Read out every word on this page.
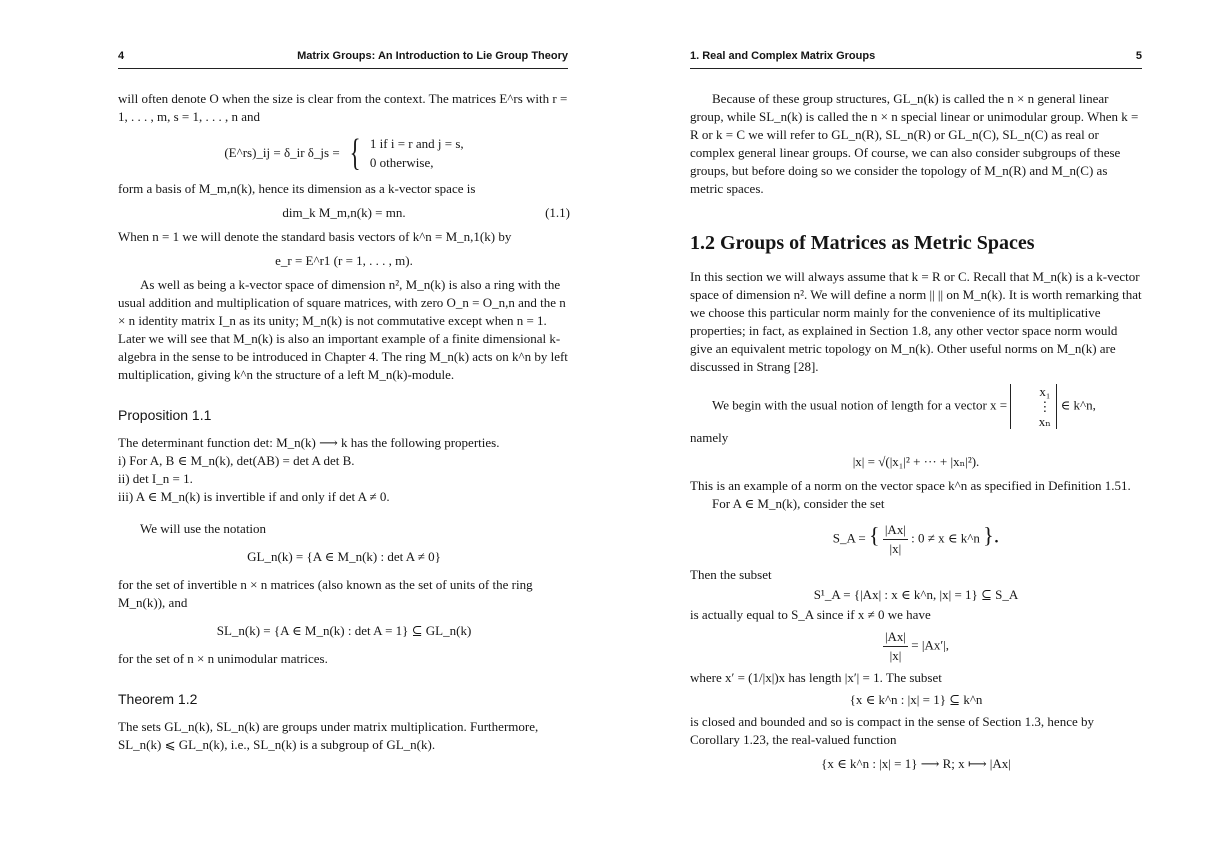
4	Matrix Groups: An Introduction to Lie Group Theory

will often denote O when the size is clear from the context. The matrices E^rs with r = 1, . . . , m, s = 1, . . . , n and

(E^rs)_ij = δ_ir δ_js = { 1 if i = r and j = s,
0 otherwise,

form a basis of M_m,n(k), hence its dimension as a k-vector space is

dim_k M_m,n(k) = mn.	(1.1)

When n = 1 we will denote the standard basis vectors of k^n = M_n,1(k) by

e_r = E^r1 (r = 1, . . . , m).

As well as being a k-vector space of dimension n², M_n(k) is also a ring with the usual addition and multiplication of square matrices, with zero O_n = O_n,n and the n × n identity matrix I_n as its unity; M_n(k) is not commutative except when n = 1. Later we will see that M_n(k) is also an important example of a finite dimensional k-algebra in the sense to be introduced in Chapter 4. The ring M_n(k) acts on k^n by left multiplication, giving k^n the structure of a left M_n(k)-module.

Proposition 1.1

The determinant function det: M_n(k) ⟶ k has the following properties.

i) For A, B ∈ M_n(k), det(AB) = det A det B.

ii) det I_n = 1.

iii) A ∈ M_n(k) is invertible if and only if det A ≠ 0.

We will use the notation

GL_n(k) = {A ∈ M_n(k) : det A ≠ 0}

for the set of invertible n × n matrices (also known as the set of units of the ring M_n(k)), and

SL_n(k) = {A ∈ M_n(k) : det A = 1} ⊆ GL_n(k)

for the set of n × n unimodular matrices.

Theorem 1.2

The sets GL_n(k), SL_n(k) are groups under matrix multiplication. Furthermore, SL_n(k) ⩽ GL_n(k), i.e., SL_n(k) is a subgroup of GL_n(k).

1. Real and Complex Matrix Groups	5

Because of these group structures, GL_n(k) is called the n × n general linear group, while SL_n(k) is called the n × n special linear or unimodular group. When k = R or k = C we will refer to GL_n(R), SL_n(R) or GL_n(C), SL_n(C) as real or complex general linear groups. Of course, we can also consider subgroups of these groups, but before doing so we consider the topology of M_n(R) and M_n(C) as metric spaces.

1.2 Groups of Matrices as Metric Spaces

In this section we will always assume that k = R or C. Recall that M_n(k) is a k-vector space of dimension n². We will define a norm || || on M_n(k). It is worth remarking that we choose this particular norm mainly for the convenience of its multiplicative properties; in fact, as explained in Section 1.8, any other vector space norm would give an equivalent metric topology on M_n(k). Other useful norms on M_n(k) are discussed in Strang [28].

We begin with the usual notion of length for a vector x =
x₁
⋮
xₙ
∈ k^n,

namely

|x| = √(|x₁|² + ··· + |xₙ|²).

This is an example of a norm on the vector space k^n as specified in Definition 1.51.

For A ∈ M_n(k), consider the set

S_A = { $\frac{|Ax|}{|x|}$ : 0 ≠ x ∈ k^n }.

Then the subset

S¹_A = {|Ax| : x ∈ k^n, |x| = 1} ⊆ S_A

is actually equal to S_A since if x ≠ 0 we have

$\frac{|Ax|}{|x|} = |Ax'|$,

where x′ = (1/|x|)x has length |x′| = 1. The subset

{x ∈ k^n : |x| = 1} ⊆ k^n

is closed and bounded and so is compact in the sense of Section 1.3, hence by Corollary 1.23, the real-valued function

{x ∈ k^n : |x| = 1} ⟶ R; x ⟼ |Ax|
